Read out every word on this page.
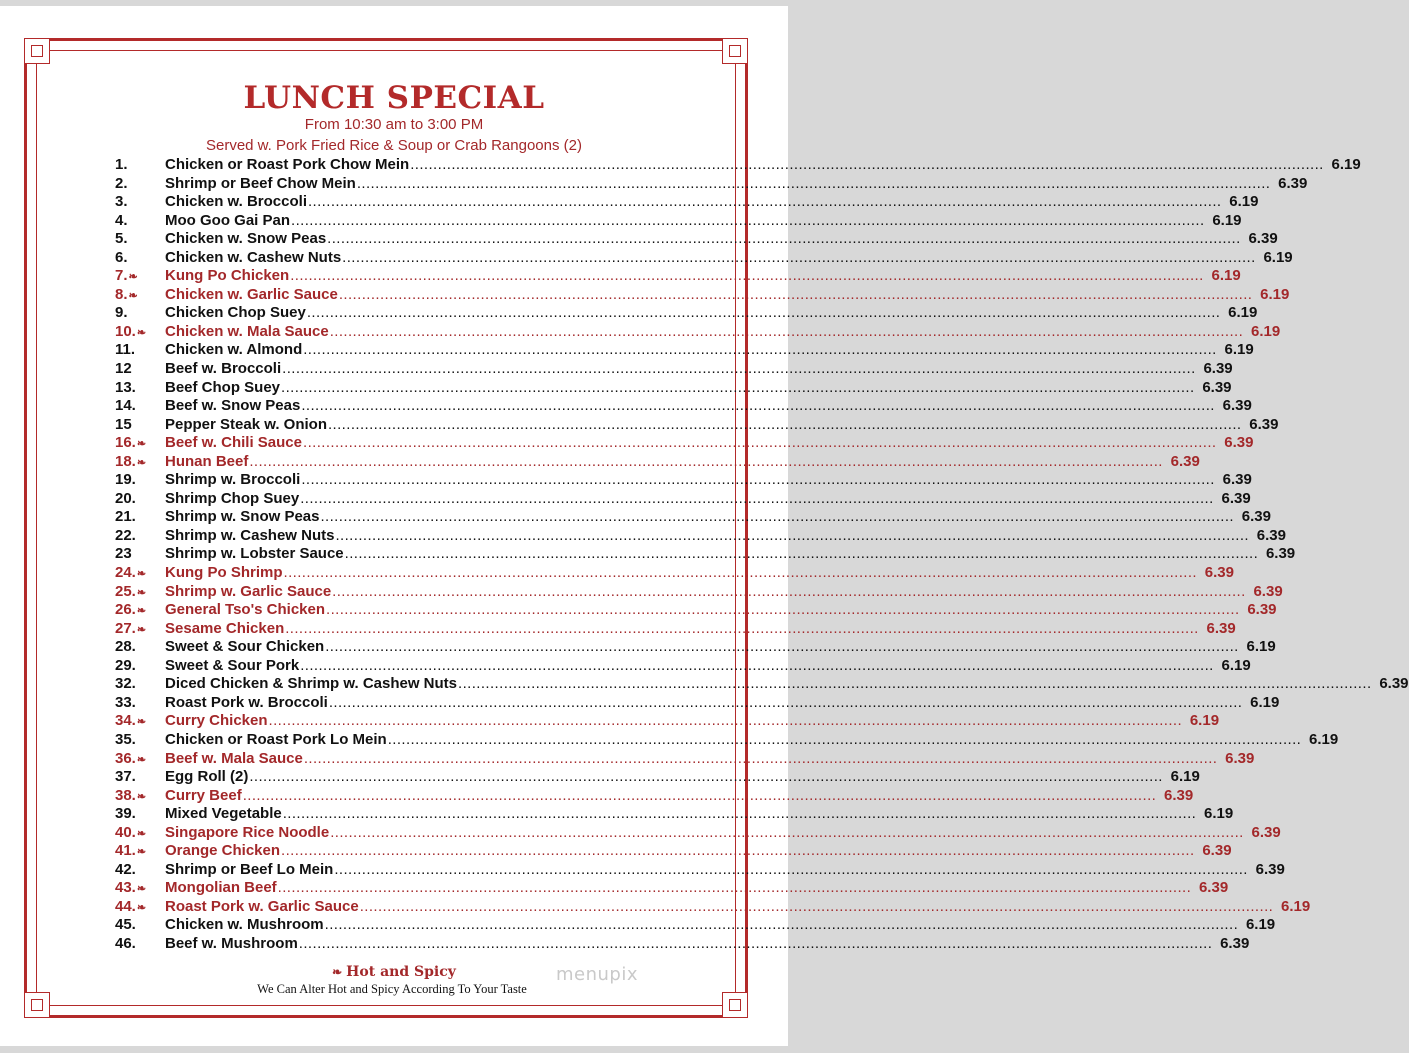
LUNCH SPECIAL
From 10:30 am to 3:00 PM
Served w. Pork Fried Rice & Soup or Crab Rangoons (2)
1.	Chicken or Roast Pork Chow Mein ........................................................................................................................................................................................................ 6.19
2.	Shrimp or Beef Chow Mein ........................................................................................................................................................................................................ 6.39
3.	Chicken w. Broccoli ........................................................................................................................................................................................................ 6.19
4.	Moo Goo Gai Pan ........................................................................................................................................................................................................ 6.19
5.	Chicken w. Snow Peas ........................................................................................................................................................................................................ 6.39
6.	Chicken w. Cashew Nuts ........................................................................................................................................................................................................ 6.19
7.❧	Kung Po Chicken ........................................................................................................................................................................................................ 6.19
8.❧	Chicken w. Garlic Sauce ........................................................................................................................................................................................................ 6.19
9.	Chicken Chop Suey ........................................................................................................................................................................................................ 6.19
10.❧	Chicken w. Mala Sauce ........................................................................................................................................................................................................ 6.19
11.	Chicken w. Almond ........................................................................................................................................................................................................ 6.19
12	Beef w. Broccoli ........................................................................................................................................................................................................ 6.39
13.	Beef Chop Suey ........................................................................................................................................................................................................ 6.39
14.	Beef w. Snow Peas ........................................................................................................................................................................................................ 6.39
15	Pepper Steak w. Onion ........................................................................................................................................................................................................ 6.39
16.❧	Beef w. Chili Sauce ........................................................................................................................................................................................................ 6.39
18.❧	Hunan Beef ........................................................................................................................................................................................................ 6.39
19.	Shrimp w. Broccoli ........................................................................................................................................................................................................ 6.39
20.	Shrimp Chop Suey ........................................................................................................................................................................................................ 6.39
21.	Shrimp w. Snow Peas ........................................................................................................................................................................................................ 6.39
22.	Shrimp w. Cashew Nuts ........................................................................................................................................................................................................ 6.39
23	Shrimp w. Lobster Sauce ........................................................................................................................................................................................................ 6.39
24.❧	Kung Po Shrimp ........................................................................................................................................................................................................ 6.39
25.❧	Shrimp w. Garlic Sauce ........................................................................................................................................................................................................ 6.39
26.❧	General Tso's Chicken ........................................................................................................................................................................................................ 6.39
27.❧	Sesame Chicken ........................................................................................................................................................................................................ 6.39
28.	Sweet & Sour Chicken ........................................................................................................................................................................................................ 6.19
29.	Sweet & Sour Pork ........................................................................................................................................................................................................ 6.19
32.	Diced Chicken & Shrimp w. Cashew Nuts ........................................................................................................................................................................................................ 6.39
33.	Roast Pork w. Broccoli ........................................................................................................................................................................................................ 6.19
34.❧	Curry Chicken ........................................................................................................................................................................................................ 6.19
35.	Chicken or Roast Pork Lo Mein ........................................................................................................................................................................................................ 6.19
36.❧	Beef w. Mala Sauce ........................................................................................................................................................................................................ 6.39
37.	Egg Roll (2) ........................................................................................................................................................................................................ 6.19
38.❧	Curry Beef ........................................................................................................................................................................................................ 6.39
39.	Mixed Vegetable ........................................................................................................................................................................................................ 6.19
40.❧	Singapore Rice Noodle ........................................................................................................................................................................................................ 6.39
41.❧	Orange Chicken ........................................................................................................................................................................................................ 6.39
42.	Shrimp or Beef Lo Mein ........................................................................................................................................................................................................ 6.39
43.❧	Mongolian Beef ........................................................................................................................................................................................................ 6.39
44.❧	Roast Pork w. Garlic Sauce ........................................................................................................................................................................................................ 6.19
45.	Chicken w. Mushroom ........................................................................................................................................................................................................ 6.19
46.	Beef w. Mushroom ........................................................................................................................................................................................................ 6.39
❧ Hot and Spicy
We Can Alter Hot and Spicy According To Your Taste
menupix
